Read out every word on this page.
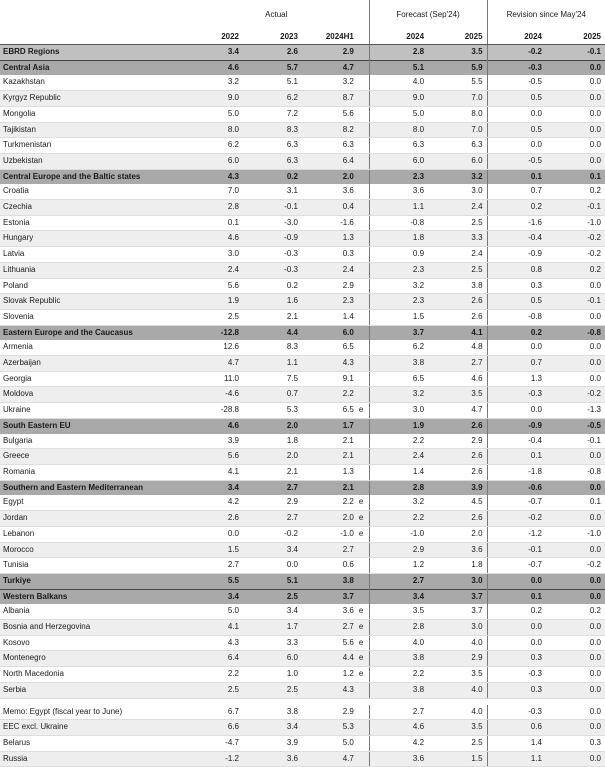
	Actual				Forecast (Sep'24)		Revision since May'24	
	2022	2023	2024H1		2024	2025	2024	2025
EBRD Regions	3.4	2.6	2.9		2.8	3.5	-0.2	-0.1
Central Asia	4.6	5.7	4.7		5.1	5.9	-0.3	0.0
Kazakhstan	3.2	5.1	3.2		4.0	5.5	-0.5	0.0
Kyrgyz Republic	9.0	6.2	8.7		9.0	7.0	0.5	0.0
Mongolia	5.0	7.2	5.6		5.0	8.0	0.0	0.0
Tajikistan	8.0	8.3	8.2		8.0	7.0	0.5	0.0
Turkmenistan	6.2	6.3	6.3		6.3	6.3	0.0	0.0
Uzbekistan	6.0	6.3	6.4		6.0	6.0	-0.5	0.0
Central Europe and the Baltic states	4.3	0.2	2.0		2.3	3.2	0.1	0.1
Croatia	7.0	3.1	3.6		3.6	3.0	0.7	0.2
Czechia	2.8	-0.1	0.4		1.1	2.4	0.2	-0.1
Estonia	0.1	-3.0	-1.6		-0.8	2.5	-1.6	-1.0
Hungary	4.6	-0.9	1.3		1.8	3.3	-0.4	-0.2
Latvia	3.0	-0.3	0.3		0.9	2.4	-0.9	-0.2
Lithuania	2.4	-0.3	2.4		2.3	2.5	0.8	0.2
Poland	5.6	0.2	2.9		3.2	3.8	0.3	0.0
Slovak Republic	1.9	1.6	2.3		2.3	2.6	0.5	-0.1
Slovenia	2.5	2.1	1.4		1.5	2.6	-0.8	0.0
Eastern Europe and the Caucasus	-12.8	4.4	6.0		3.7	4.1	0.2	-0.8
Armenia	12.6	8.3	6.5		6.2	4.8	0.0	0.0
Azerbaijan	4.7	1.1	4.3		3.8	2.7	0.7	0.0
Georgia	11.0	7.5	9.1		6.5	4.6	1.3	0.0
Moldova	-4.6	0.7	2.2		3.2	3.5	-0.3	-0.2
Ukraine	-28.8	5.3	6.5	e	3.0	4.7	0.0	-1.3
South Eastern EU	4.6	2.0	1.7		1.9	2.6	-0.9	-0.5
Bulgaria	3.9	1.8	2.1		2.2	2.9	-0.4	-0.1
Greece	5.6	2.0	2.1		2.4	2.6	0.1	0.0
Romania	4.1	2.1	1.3		1.4	2.6	-1.8	-0.8
Southern and Eastern Mediterranean	3.4	2.7	2.1		2.8	3.9	-0.6	0.0
Egypt	4.2	2.9	2.2	e	3.2	4.5	-0.7	0.1
Jordan	2.6	2.7	2.0	e	2.2	2.6	-0.2	0.0
Lebanon	0.0	-0.2	-1.0	e	-1.0	2.0	-1.2	-1.0
Morocco	1.5	3.4	2.7		2.9	3.6	-0.1	0.0
Tunisia	2.7	0.0	0.6		1.2	1.8	-0.7	-0.2
Turkiye	5.5	5.1	3.8		2.7	3.0	0.0	0.0
Western Balkans	3.4	2.5	3.7		3.4	3.7	0.1	0.0
Albania	5.0	3.4	3.6	e	3.5	3.7	0.2	0.2
Bosnia and Herzegovina	4.1	1.7	2.7	e	2.8	3.0	0.0	0.0
Kosovo	4.3	3.3	5.6	e	4.0	4.0	0.0	0.0
Montenegro	6.4	6.0	4.4	e	3.8	2.9	0.3	0.0
North Macedonia	2.2	1.0	1.2	e	2.2	3.5	-0.3	0.0
Serbia	2.5	2.5	4.3		3.8	4.0	0.3	0.0

Memo: Egypt (fiscal year to June)	6.7	3.8	2.9		2.7	4.0	-0.3	0.0
EEC excl. Ukraine	6.6	3.4	5.3		4.6	3.5	0.6	0.0
Belarus	-4.7	3.9	5.0		4.2	2.5	1.4	0.3
Russia	-1.2	3.6	4.7		3.6	1.5	1.1	0.0
